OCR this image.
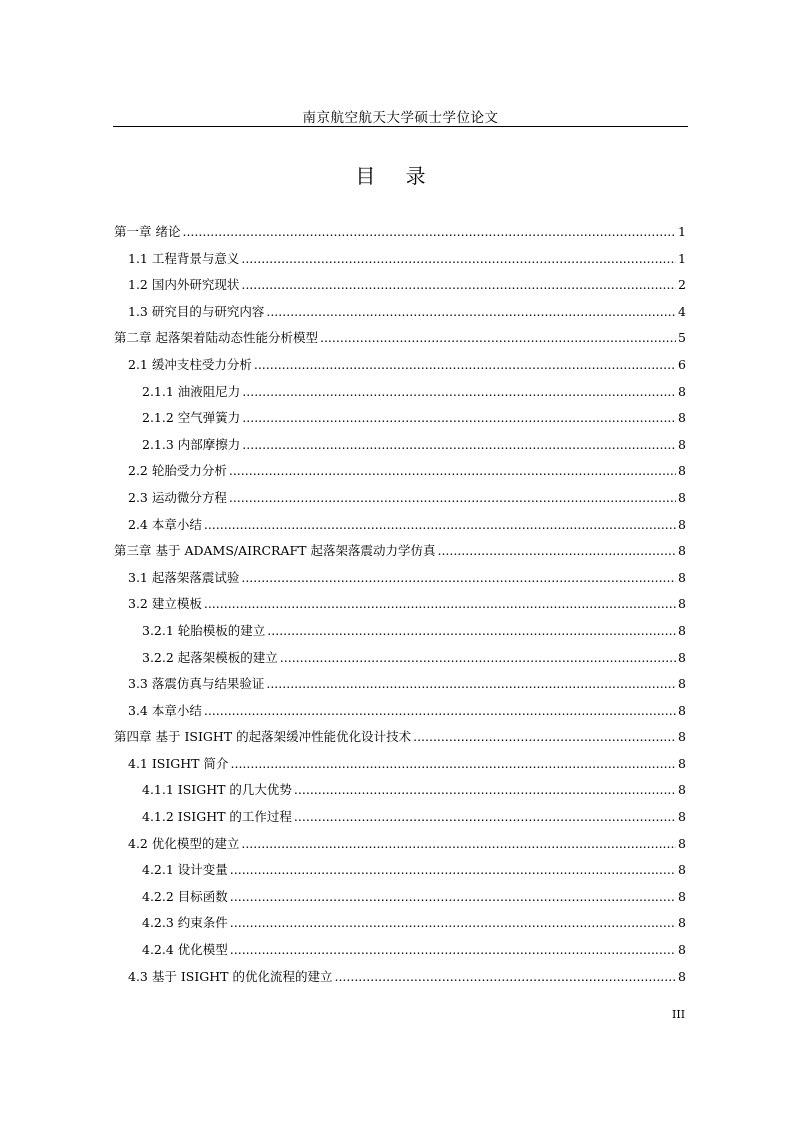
南京航空航天大学硕士学位论文
目 录
第一章 绪论 .....	1
1.1 工程背景与意义 .....	1
1.2 国内外研究现状 .....	2
1.3 研究目的与研究内容 .....	4
第二章 起落架着陆动态性能分析模型 .....	5
2.1 缓冲支柱受力分析 .....	6
2.1.1 油液阻尼力 .....	8
2.1.2 空气弹簧力 .....	8
2.1.3 内部摩擦力 .....	8
2.2 轮胎受力分析 .....	8
2.3 运动微分方程 .....	8
2.4 本章小结 .....	8
第三章 基于 ADAMS/AIRCRAFT 起落架落震动力学仿真 .....	8
3.1 起落架落震试验 .....	8
3.2 建立模板 .....	8
3.2.1 轮胎模板的建立 .....	8
3.2.2 起落架模板的建立 .....	8
3.3 落震仿真与结果验证 .....	8
3.4 本章小结 .....	8
第四章 基于 ISIGHT 的起落架缓冲性能优化设计技术 .....	8
4.1 ISIGHT 简介 .....	8
4.1.1 ISIGHT 的几大优势 .....	8
4.1.2 ISIGHT 的工作过程 .....	8
4.2 优化模型的建立 .....	8
4.2.1 设计变量 .....	8
4.2.2 目标函数 .....	8
4.2.3 约束条件 .....	8
4.2.4 优化模型 .....	8
4.3 基于 ISIGHT 的优化流程的建立 .....	8
III
